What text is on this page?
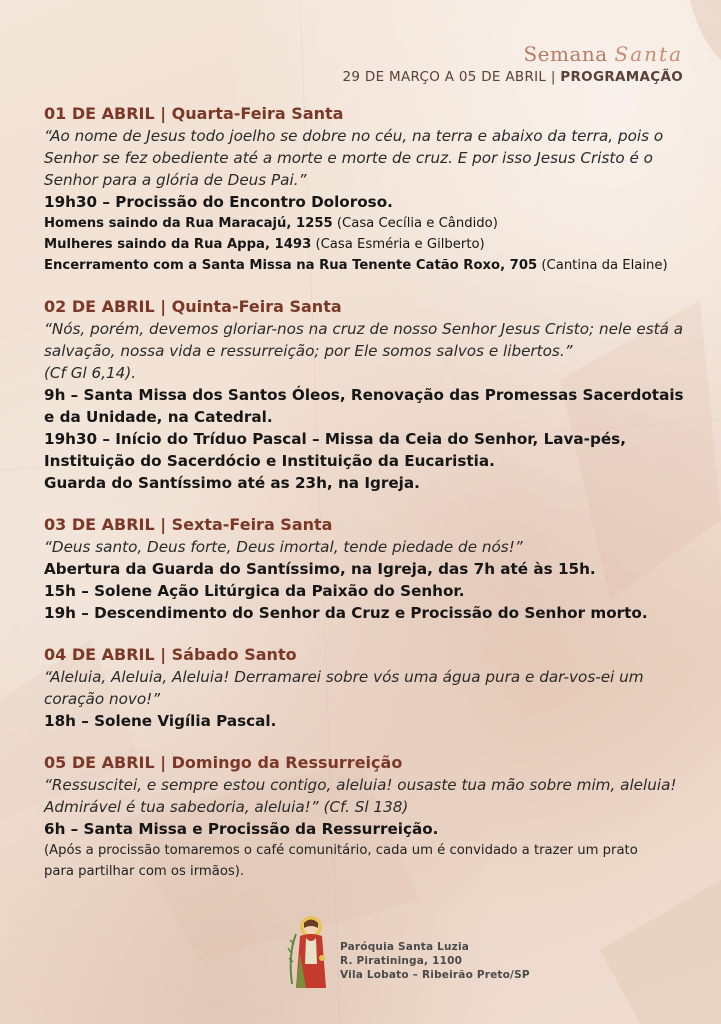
Semana Santa
29 DE MARÇO A 05 DE ABRIL | PROGRAMAÇÃO
01 DE ABRIL | Quarta-Feira Santa
“Ao nome de Jesus todo joelho se dobre no céu, na terra e abaixo da terra, pois o Senhor se fez obediente até a morte e morte de cruz. E por isso Jesus Cristo é o Senhor para a glória de Deus Pai.”
19h30 – Procissão do Encontro Doloroso.
Homens saindo da Rua Maracajú, 1255 (Casa Cecília e Cândido)
Mulheres saindo da Rua Appa, 1493 (Casa Esméria e Gilberto)
Encerramento com a Santa Missa na Rua Tenente Catão Roxo, 705 (Cantina da Elaine)
02 DE ABRIL | Quinta-Feira Santa
“Nós, porém, devemos gloriar-nos na cruz de nosso Senhor Jesus Cristo; nele está a salvação, nossa vida e ressurreição; por Ele somos salvos e libertos.”
(Cf Gl 6,14).
9h – Santa Missa dos Santos Óleos, Renovação das Promessas Sacerdotais e da Unidade, na Catedral.
19h30 – Início do Tríduo Pascal – Missa da Ceia do Senhor, Lava-pés, Instituição do Sacerdócio e Instituição da Eucaristia.
Guarda do Santíssimo até as 23h, na Igreja.
03 DE ABRIL | Sexta-Feira Santa
“Deus santo, Deus forte, Deus imortal, tende piedade de nós!”
Abertura da Guarda do Santíssimo, na Igreja, das 7h até às 15h.
15h – Solene Ação Litúrgica da Paixão do Senhor.
19h – Descendimento do Senhor da Cruz e Procissão do Senhor morto.
04 DE ABRIL | Sábado Santo
“Aleluia, Aleluia, Aleluia! Derramarei sobre vós uma água pura e dar-vos-ei um coração novo!”
18h – Solene Vigília Pascal.
05 DE ABRIL | Domingo da Ressurreição
“Ressuscitei, e sempre estou contigo, aleluia! ousaste tua mão sobre mim, aleluia! Admirável é tua sabedoria, aleluia!” (Cf. Sl 138)
6h – Santa Missa e Procissão da Ressurreição.
(Após a procissão tomaremos o café comunitário, cada um é convidado a trazer um prato
para partilhar com os irmãos).
Paróquia Santa Luzia
R. Piratininga, 1100
Vila Lobato – Ribeirão Preto/SP
